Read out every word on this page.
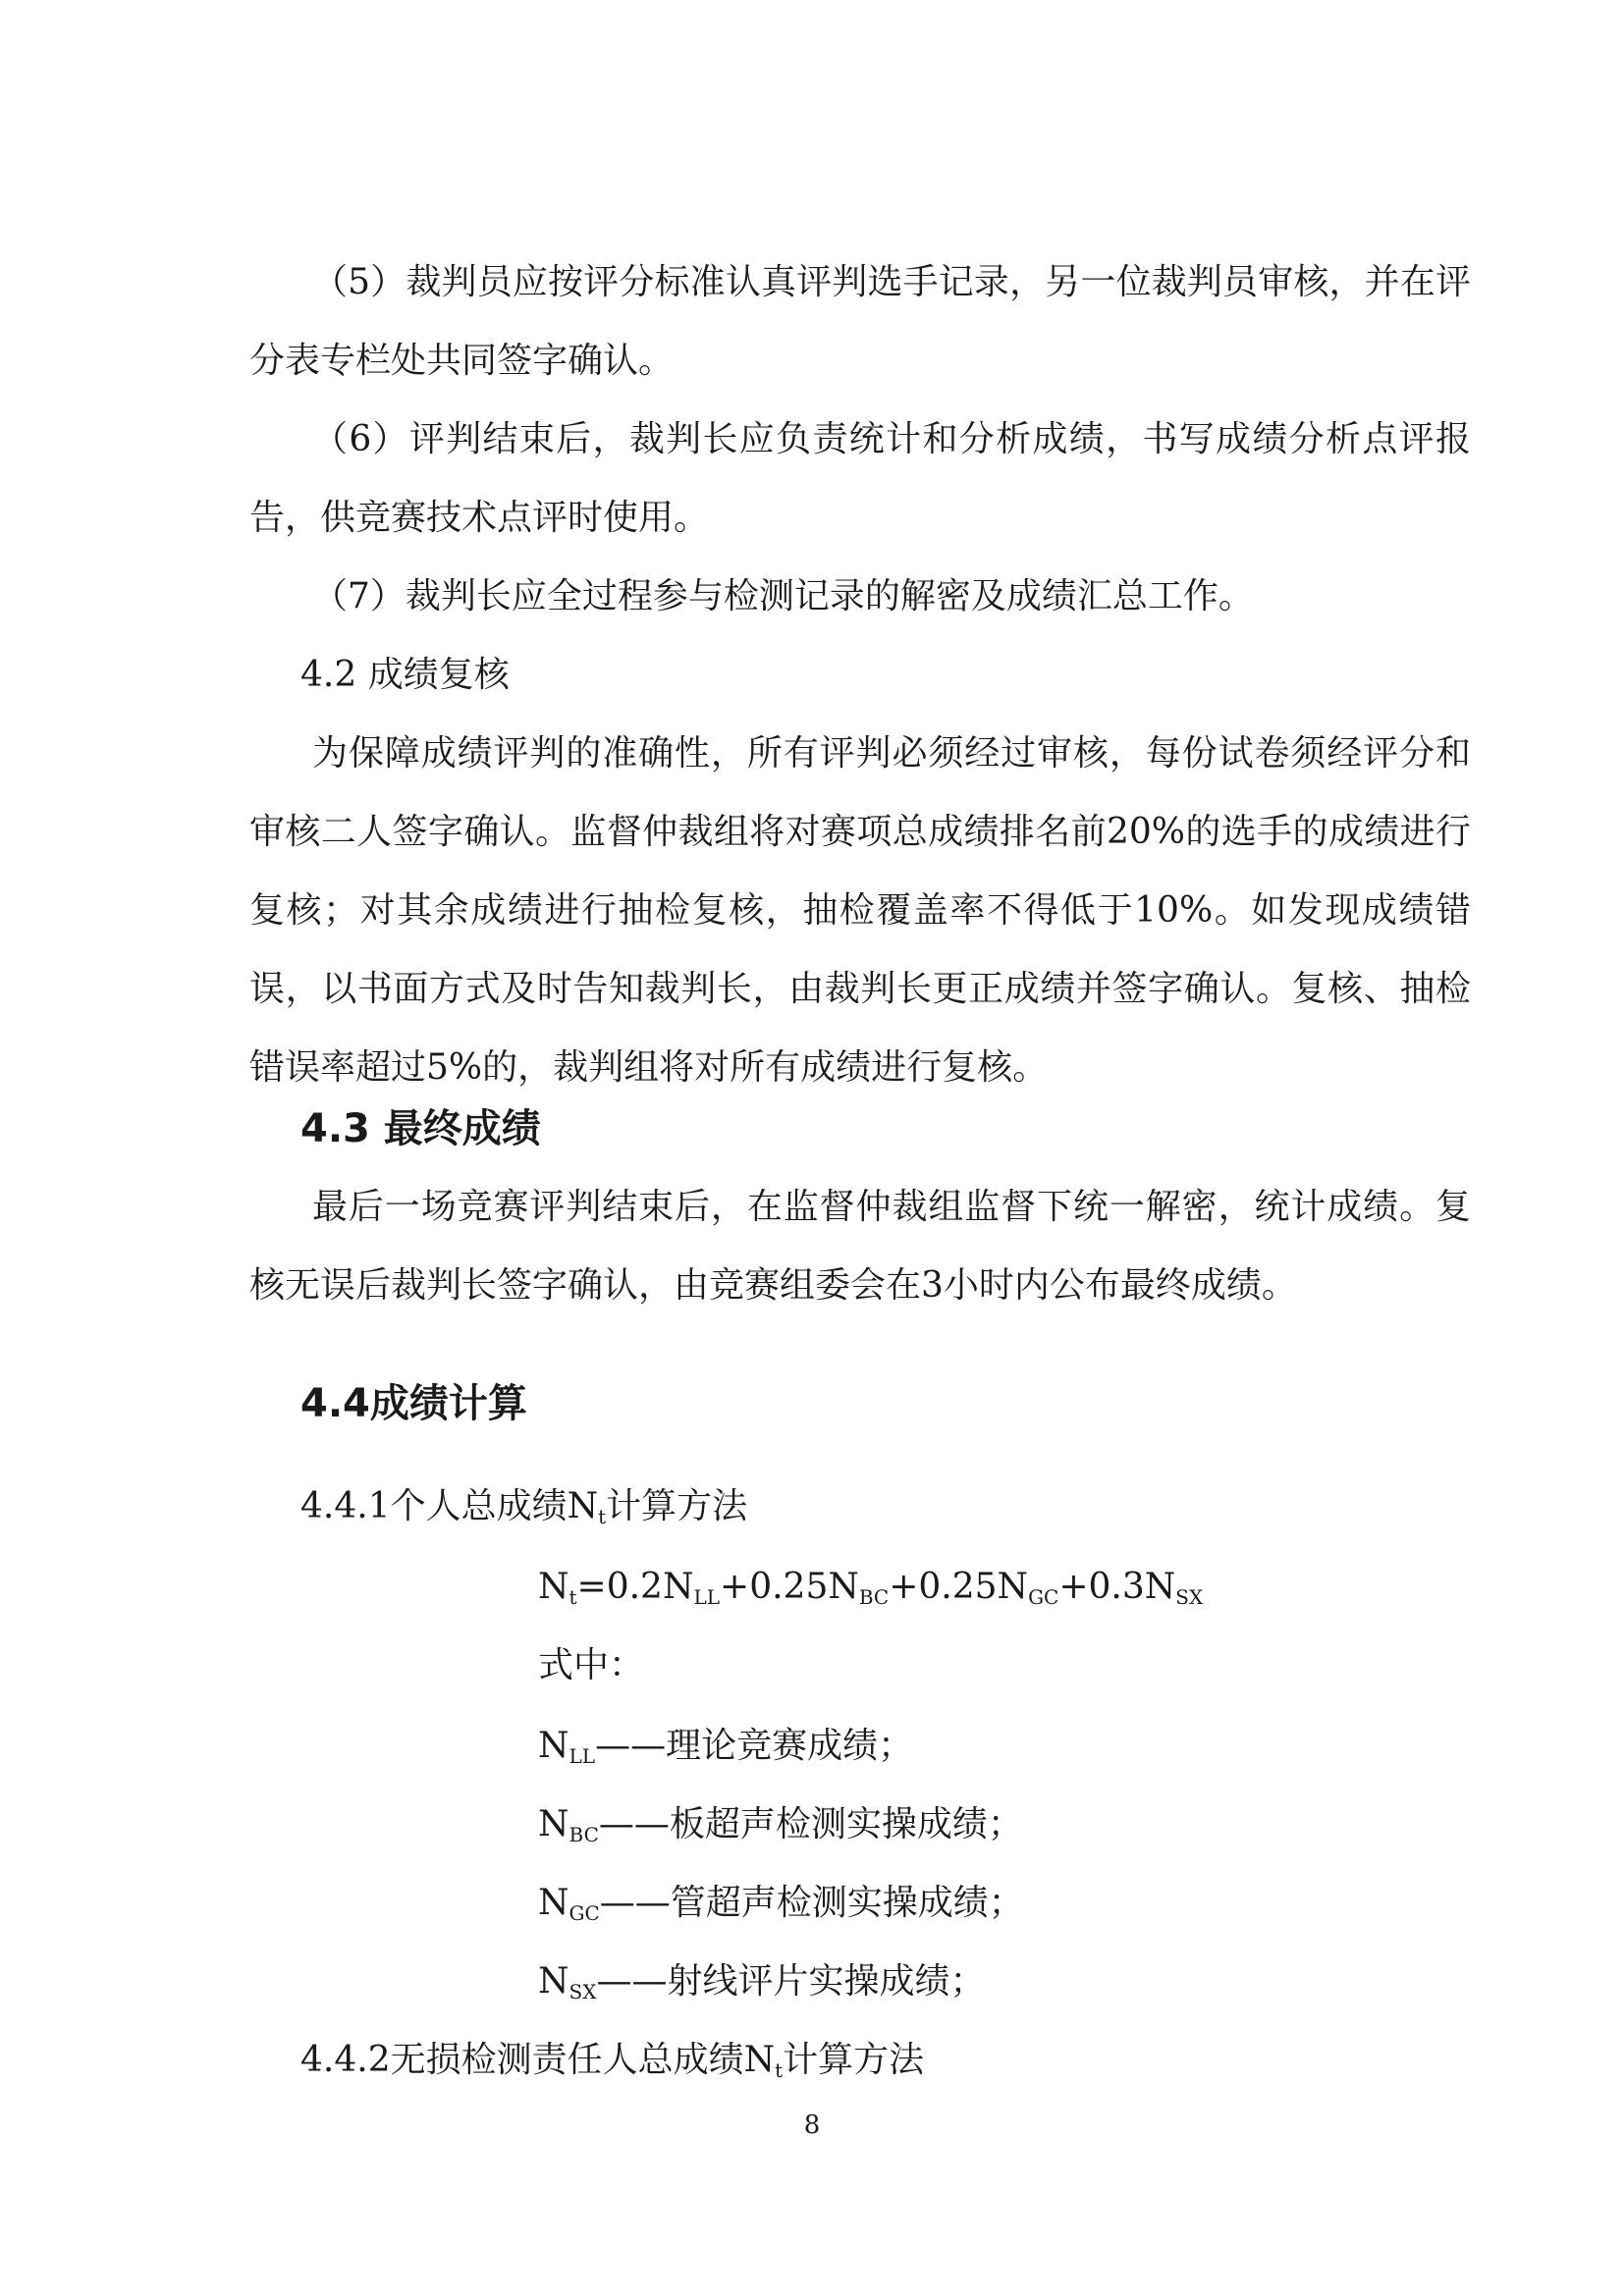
（5）裁判员应按评分标准认真评判选手记录，另一位裁判员审核，并在评分表专栏处共同签字确认。

（6）评判结束后，裁判长应负责统计和分析成绩，书写成绩分析点评报告，供竞赛技术点评时使用。

（7）裁判长应全过程参与检测记录的解密及成绩汇总工作。

4.2 成绩复核

为保障成绩评判的准确性，所有评判必须经过审核，每份试卷须经评分和审核二人签字确认。监督仲裁组将对赛项总成绩排名前20%的选手的成绩进行复核；对其余成绩进行抽检复核，抽检覆盖率不得低于10%。如发现成绩错误，以书面方式及时告知裁判长，由裁判长更正成绩并签字确认。复核、抽检错误率超过5%的，裁判组将对所有成绩进行复核。

4.3 最终成绩

最后一场竞赛评判结束后，在监督仲裁组监督下统一解密，统计成绩。复核无误后裁判长签字确认，由竞赛组委会在3小时内公布最终成绩。

4.4成绩计算

4.4.1个人总成绩$N_t$计算方法

$N_t=0.2N_{LL}+0.25N_{BC}+0.25N_{GC}+0.3N_{SX}$
式中：
$N_{LL}——$理论竞赛成绩；
$N_{BC}——$板超声检测实操成绩；
$N_{GC}——$管超声检测实操成绩；
$N_{SX}——$射线评片实操成绩；

4.4.2无损检测责任人总成绩$N_t$计算方法

8
